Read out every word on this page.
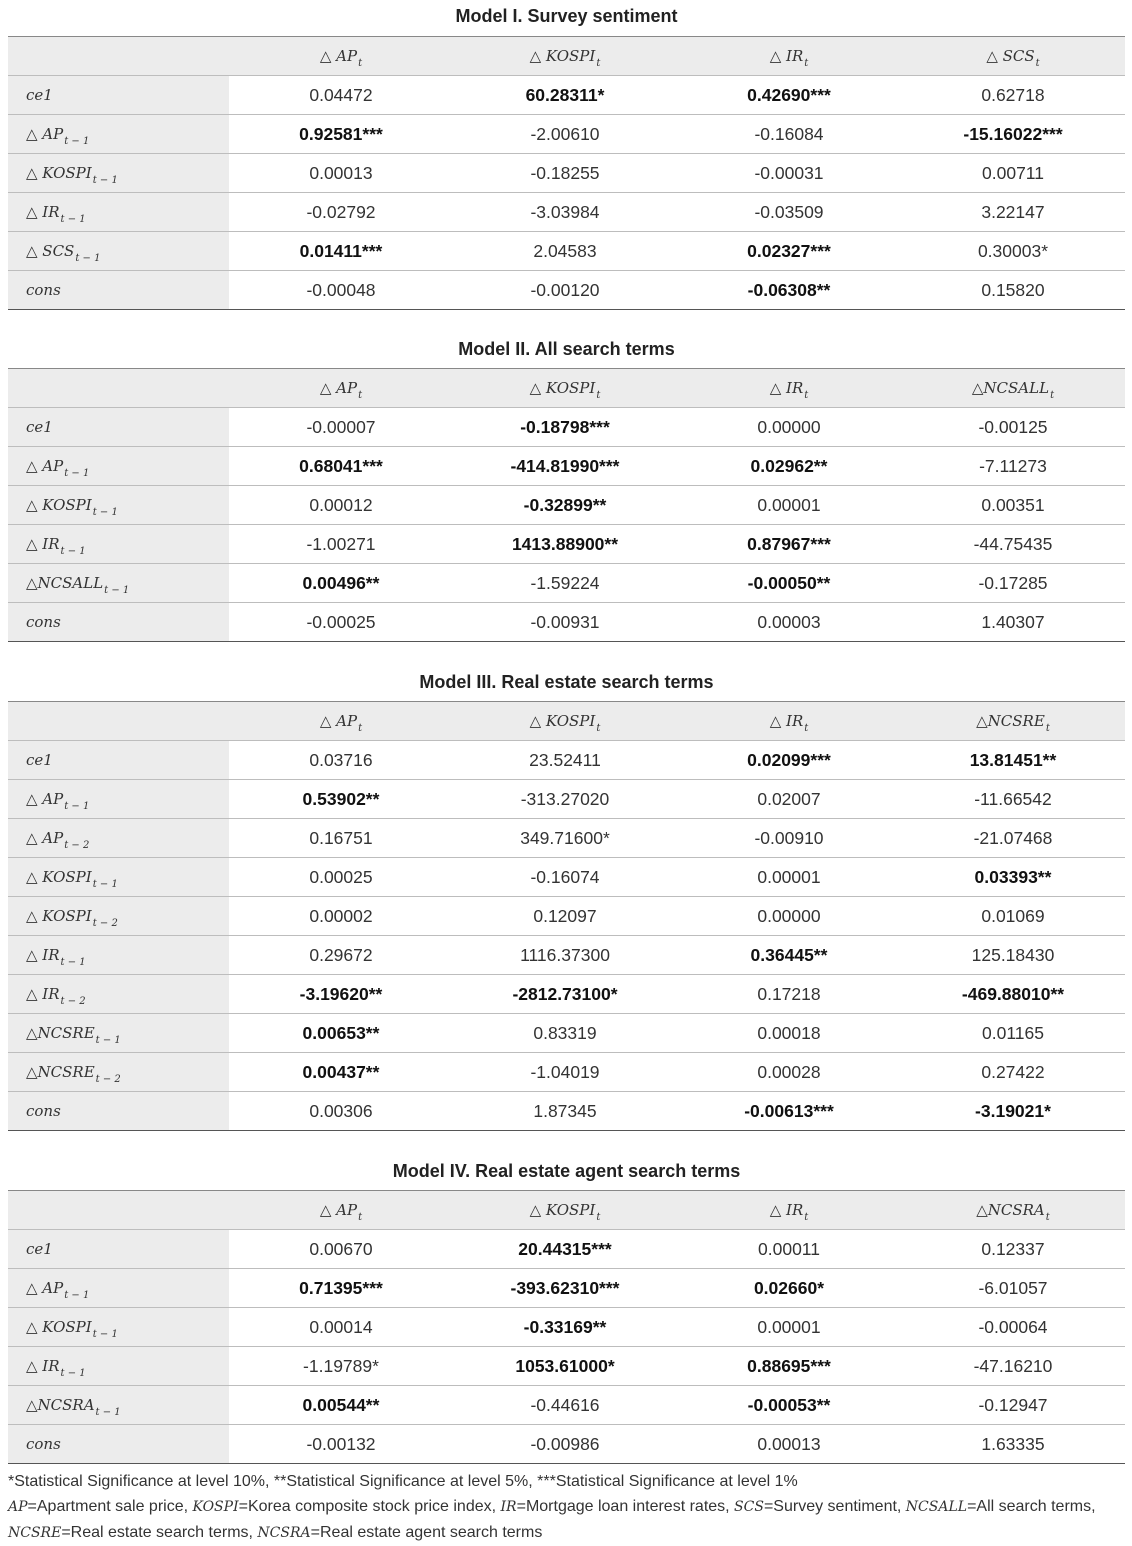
Model I. Survey sentiment
	△ $AP_t$	△ $KOSPI_t$	△ $IR_t$	△ $SCS_t$
ce1	0.04472	60.28311*	0.42690***	0.62718
△ $AP_{t - 1}$	0.92581***	-2.00610	-0.16084	-15.16022***
△ $KOSPI_{t - 1}$	0.00013	-0.18255	-0.00031	0.00711
△ $IR_{t - 1}$	-0.02792	-3.03984	-0.03509	3.22147
△ $SCS_{t - 1}$	0.01411***	2.04583	0.02327***	0.30003*
cons	-0.00048	-0.00120	-0.06308**	0.15820
Model II. All search terms
	△ $AP_t$	△ $KOSPI_t$	△ $IR_t$	$\triangle NCSALL_t$
ce1	-0.00007	-0.18798***	0.00000	-0.00125
△ $AP_{t - 1}$	0.68041***	-414.81990***	0.02962**	-7.11273
△ $KOSPI_{t - 1}$	0.00012	-0.32899**	0.00001	0.00351
△ $IR_{t - 1}$	-1.00271	1413.88900**	0.87967***	-44.75435
$\triangle NCSALL_{t - 1}$	0.00496**	-1.59224	-0.00050**	-0.17285
cons	-0.00025	-0.00931	0.00003	1.40307
Model III. Real estate search terms
	△ $AP_t$	△ $KOSPI_t$	△ $IR_t$	$\triangle NCSRE_t$
ce1	0.03716	23.52411	0.02099***	13.81451**
△ $AP_{t - 1}$	0.53902**	-313.27020	0.02007	-11.66542
△ $AP_{t - 2}$	0.16751	349.71600*	-0.00910	-21.07468
△ $KOSPI_{t - 1}$	0.00025	-0.16074	0.00001	0.03393**
△ $KOSPI_{t - 2}$	0.00002	0.12097	0.00000	0.01069
△ $IR_{t - 1}$	0.29672	1116.37300	0.36445**	125.18430
△ $IR_{t - 2}$	-3.19620**	-2812.73100*	0.17218	-469.88010**
$\triangle NCSRE_{t - 1}$	0.00653**	0.83319	0.00018	0.01165
$\triangle NCSRE_{t - 2}$	0.00437**	-1.04019	0.00028	0.27422
cons	0.00306	1.87345	-0.00613***	-3.19021*
Model IV. Real estate agent search terms
	△ $AP_t$	△ $KOSPI_t$	△ $IR_t$	$\triangle NCSRA_t$
ce1	0.00670	20.44315***	0.00011	0.12337
△ $AP_{t - 1}$	0.71395***	-393.62310***	0.02660*	-6.01057
△ $KOSPI_{t - 1}$	0.00014	-0.33169**	0.00001	-0.00064
△ $IR_{t - 1}$	-1.19789*	1053.61000*	0.88695***	-47.16210
$\triangle NCSRA_{t - 1}$	0.00544**	-0.44616	-0.00053**	-0.12947
cons	-0.00132	-0.00986	0.00013	1.63335
*Statistical Significance at level 10%, **Statistical Significance at level 5%, ***Statistical Significance at level 1%
AP=Apartment sale price, KOSPI=Korea composite stock price index, IR=Mortgage loan interest rates, SCS=Survey sentiment, NCSALL=All search terms, NCSRE=Real estate search terms, NCSRA=Real estate agent search terms
